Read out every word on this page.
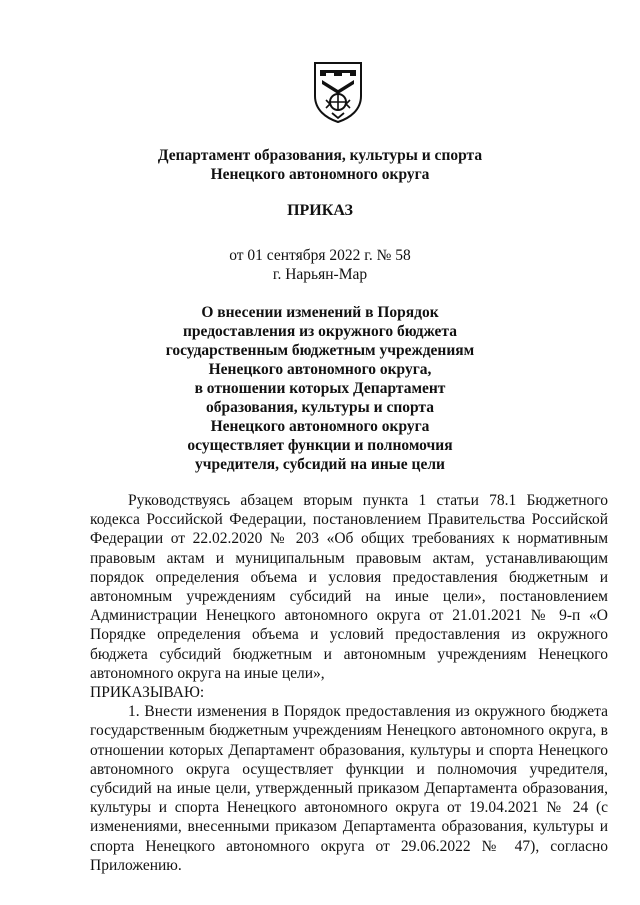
Департамент образования, культуры и спорта
Ненецкого автономного округа
ПРИКАЗ
от 01 сентября 2022 г. № 58
г. Нарьян-Мар
О внесении изменений в Порядок
предоставления из окружного бюджета
государственным бюджетным учреждениям
Ненецкого автономного округа,
в отношении которых Департамент
образования, культуры и спорта
Ненецкого автономного округа
осуществляет функции и полномочия
учредителя, субсидий на иные цели

Руководствуясь абзацем вторым пункта 1 статьи 78.1 Бюджетного кодекса Российской Федерации, постановлением Правительства Российской Федерации от 22.02.2020 № 203 «Об общих требованиях к нормативным правовым актам и муниципальным правовым актам, устанавливающим порядок определения объема и условия предоставления бюджетным и автономным учреждениям субсидий на иные цели», постановлением Администрации Ненецкого автономного округа от 21.01.2021 № 9-п «О Порядке определения объема и условий предоставления из окружного бюджета субсидий бюджетным и автономным учреждениям Ненецкого автономного округа на иные цели»,

ПРИКАЗЫВАЮ:

1. Внести изменения в Порядок предоставления из окружного бюджета государственным бюджетным учреждениям Ненецкого автономного округа, в отношении которых Департамент образования, культуры и спорта Ненецкого автономного округа осуществляет функции и полномочия учредителя, субсидий на иные цели, утвержденный приказом Департамента образования, культуры и спорта Ненецкого автономного округа от 19.04.2021 № 24 (с изменениями, внесенными приказом Департамента образования, культуры и спорта Ненецкого автономного округа от 29.06.2022 № 47), согласно Приложению.
